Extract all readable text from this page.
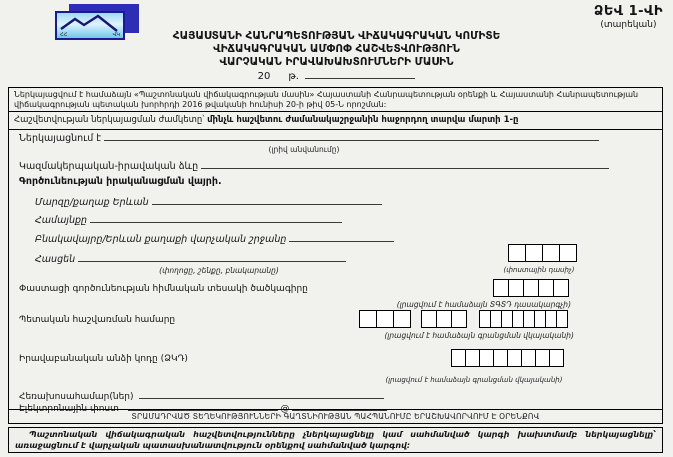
ՀՀ	ՎԿ
ՁԵՎ 1-ՎԻ
(տարեկան)
ՀԱՅԱՍՏԱՆԻ ՀԱՆՐԱՊԵՏՈՒԹՅԱՆ ՎԻՃԱԿԱԳՐԱԿԱՆ ԿՈՄԻՏԵ
ՎԻՃԱԿԱԳՐԱԿԱՆ ԱՄՓՈՓ ՀԱՇՎԵՏՎՈՒԹՅՈՒՆ
ՎԱՐՉԱԿԱՆ ԻՐԱՎԱԽԱԽՏՈՒՄՆԵՐԻ ՄԱՍԻՆ
20 թ.
Ներկայացվում է համաձայն «Պաշտոնական վիճակագրության մասին» Հայաստանի Հանրապետության օրենքի և Հայաստանի Հանրապետության վիճակագրության պետական խորհրդի 2016 թվականի հունիսի 20-ի թիվ 05-Ն որոշման:
Հաշվետվության ներկայացման ժամկետը՝ մինչև հաշվետու ժամանակաշրջանին հաջորդող տարվա մարտի 1-ը
Ներկայացնում է
(լրիվ անվանումը)
Կազմակերպական-իրավական ձևը
Գործունեության իրականացման վայրի.
Մարզը/քաղաք Երևան
Համայնքը
Բնակավայրը/Երևան քաղաքի վարչական շրջանը
Հասցեն
(փողոցը, շենքը, բնակարանը)	(փոստային դասիչ)
Փաստացի գործունեության հիմնական տեսակի ծածկագիրը
(լրացվում է համաձայն ՏԳՏԴ դասակարգչի)
Պետական հաշվառման համարը
(լրացվում է համաձայն գրանցման վկայականի)
Իրավաբանական անձի կոդը (ՁԿԴ)
(լրացվում է համաձայն գրանցման վկայականի)
Հեռախոսահամար(ներ)
Էլեկտրոնային փոստ	@
ՏՐԱՄԱԴՐՎԱԾ ՏԵՂԵԿՈՒԹՅՈՒՆՆԵՐԻ ԳԱՂՏՆԻՈՒԹՅԱՆ ՊԱՀՊԱՆՈՒՄԸ ԵՐԱՇԽԱՎՈՐՎՈՒՄ Է ՕՐԵՆՔՈՎ
Պաշտոնական վիճակագրական հաշվետվությունները չներկայացնելը կամ սահմանված կարգի խախտմամբ ներկայացնելը՝ առաջացնում է վարչական պատասխանատվություն օրենքով սահմանված կարգով:
